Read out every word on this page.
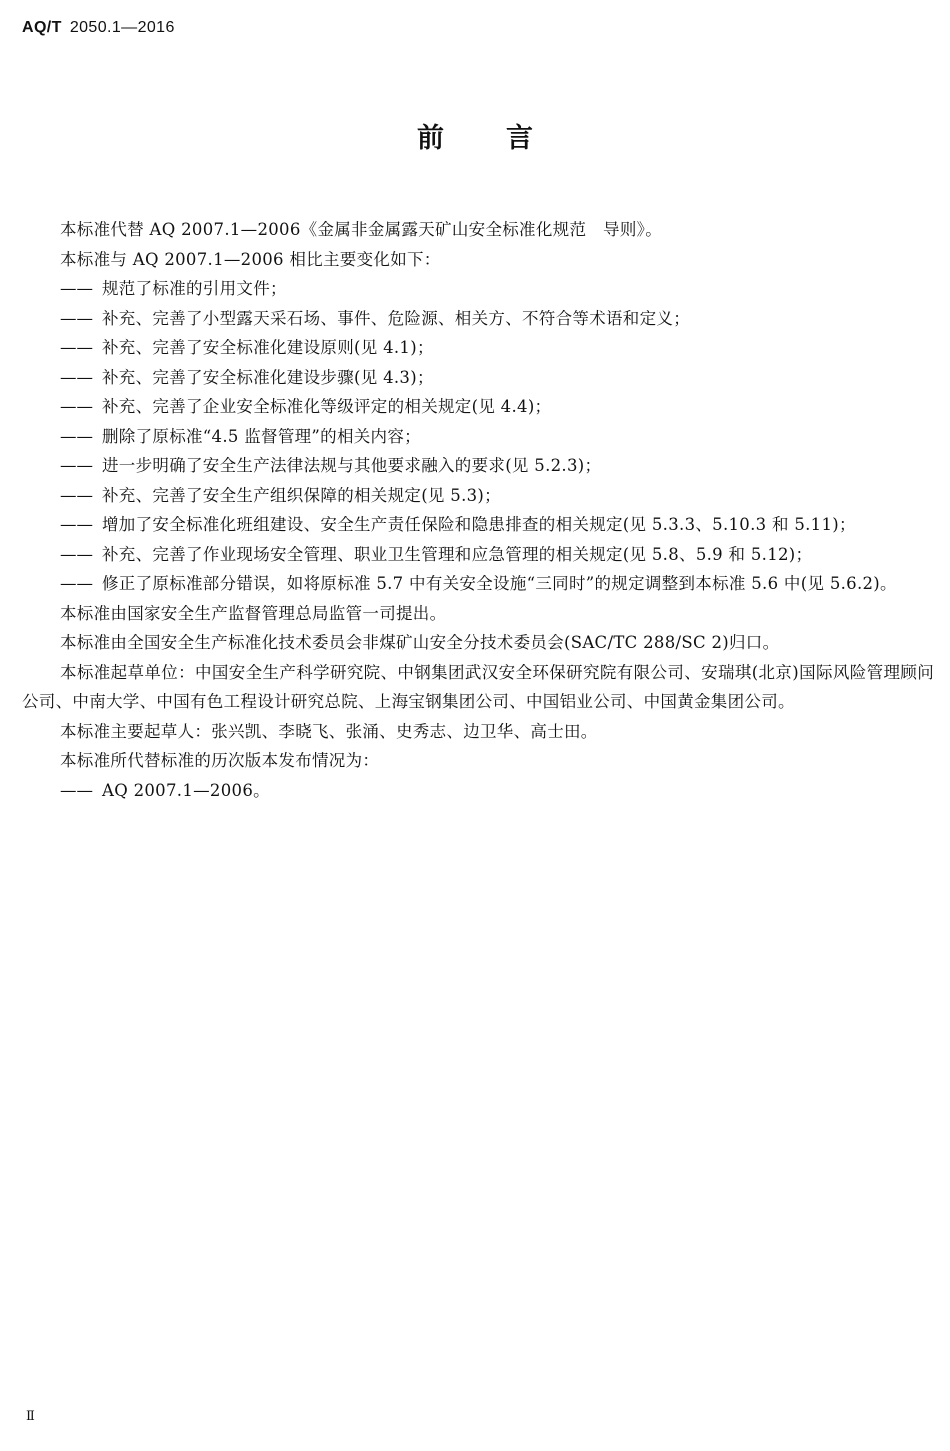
AQ/T 2050.1—2016
前言

本标准代替 AQ 2007.1—2006《金属非金属露天矿山安全标准化规范　导则》。

本标准与 AQ 2007.1—2006 相比主要变化如下：

—— 规范了标准的引用文件；

—— 补充、完善了小型露天采石场、事件、危险源、相关方、不符合等术语和定义；

—— 补充、完善了安全标准化建设原则(见 4.1)；

—— 补充、完善了安全标准化建设步骤(见 4.3)；

—— 补充、完善了企业安全标准化等级评定的相关规定(见 4.4)；

—— 删除了原标准“4.5 监督管理”的相关内容；

—— 进一步明确了安全生产法律法规与其他要求融入的要求(见 5.2.3)；

—— 补充、完善了安全生产组织保障的相关规定(见 5.3)；

—— 增加了安全标准化班组建设、安全生产责任保险和隐患排查的相关规定(见 5.3.3、5.10.3 和 5.11)；

—— 补充、完善了作业现场安全管理、职业卫生管理和应急管理的相关规定(见 5.8、5.9 和 5.12)；

—— 修正了原标准部分错误，如将原标准 5.7 中有关安全设施“三同时”的规定调整到本标准 5.6 中(见 5.6.2)。

本标准由国家安全生产监督管理总局监管一司提出。

本标准由全国安全生产标准化技术委员会非煤矿山安全分技术委员会(SAC/TC 288/SC 2)归口。

本标准起草单位：中国安全生产科学研究院、中钢集团武汉安全环保研究院有限公司、安瑞琪(北京)国际风险管理顾问公司、中南大学、中国有色工程设计研究总院、上海宝钢集团公司、中国铝业公司、中国黄金集团公司。

本标准主要起草人：张兴凯、李晓飞、张涌、史秀志、边卫华、高士田。

本标准所代替标准的历次版本发布情况为：

—— AQ 2007.1—2006。

Ⅱ
